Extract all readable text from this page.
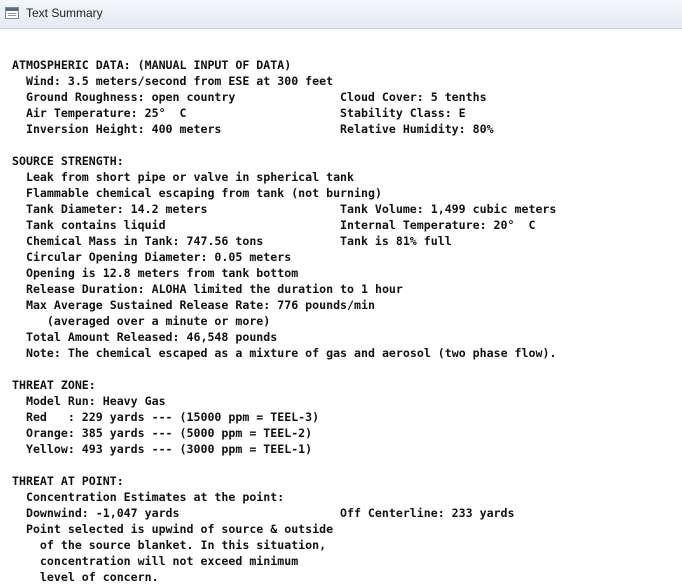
Text Summary
ATMOSPHERIC DATA: (MANUAL INPUT OF DATA)
Wind: 3.5 meters/second from ESE at 300 feet
Ground Roughness: open country	Cloud Cover: 5 tenths
Air Temperature: 25°  C	Stability Class: E
Inversion Height: 400 meters	Relative Humidity: 80%
SOURCE STRENGTH:
Leak from short pipe or valve in spherical tank
Flammable chemical escaping from tank (not burning)
Tank Diameter: 14.2 meters	Tank Volume: 1,499 cubic meters
Tank contains liquid	Internal Temperature: 20°  C
Chemical Mass in Tank: 747.56 tons	Tank is 81% full
Circular Opening Diameter: 0.05 meters
Opening is 12.8 meters from tank bottom
Release Duration: ALOHA limited the duration to 1 hour
Max Average Sustained Release Rate: 776 pounds/min
(averaged over a minute or more)
Total Amount Released: 46,548 pounds
Note: The chemical escaped as a mixture of gas and aerosol (two phase flow).
THREAT ZONE:
Model Run: Heavy Gas
Red   : 229 yards --- (15000 ppm = TEEL-3)
Orange: 385 yards --- (5000 ppm = TEEL-2)
Yellow: 493 yards --- (3000 ppm = TEEL-1)
THREAT AT POINT:
Concentration Estimates at the point:
Downwind: -1,047 yards	Off Centerline: 233 yards
Point selected is upwind of source & outside
of the source blanket. In this situation,
concentration will not exceed minimum
level of concern.
